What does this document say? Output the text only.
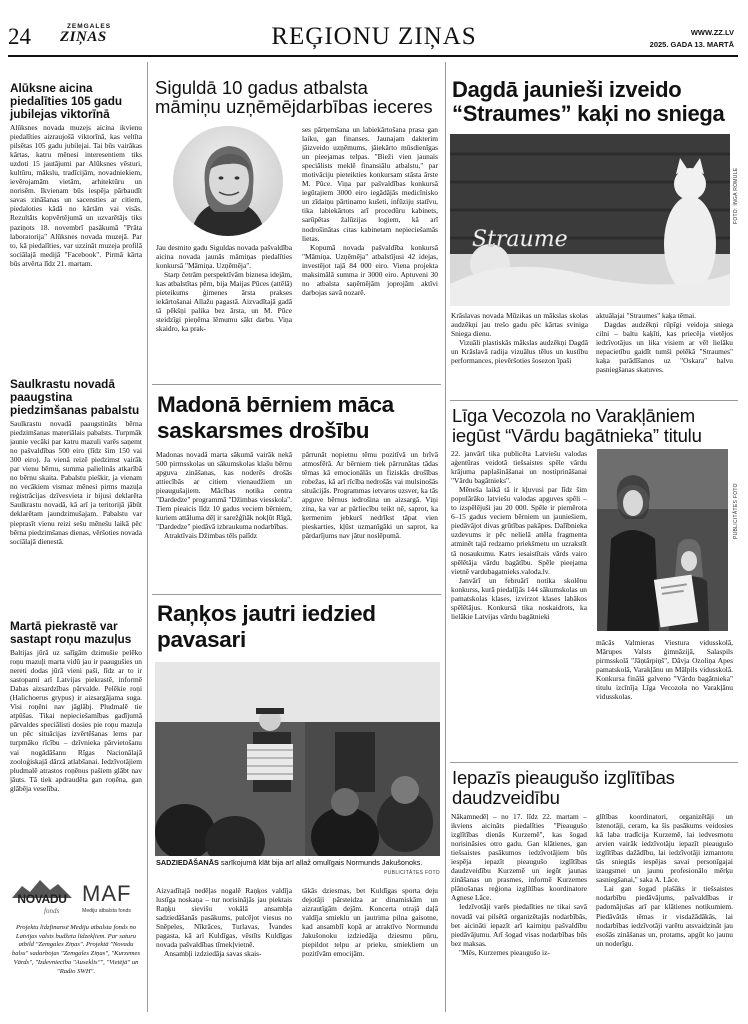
24	ZEMGALES
ZIŅAS	REĢIONU ZIŅAS	WWW.ZZ.LV
2025. GADA 13. MARTĀ
Alūksne aicina piedalīties 105 gadu jubilejas viktorīnā

Alūksnes novada muzejs aicina ikvienu piedalīties aizraujošā viktorīnā, kas veltīta pilsētas 105 gadu jubilejai. Tai būs vairākas kārtas, katru mēnesi interesentiem tiks uzdoti 15 jautājumi par Alūksnes vēsturi, kultūru, mākslu, tradīcijām, novadniekiem, ievērojamām vietām, arhitektūru un norisēm. Ikvienam būs iespēja pārbaudīt savas zināšanas un sacensties ar citiem, piedaloties kādā no kārtām vai visās. Rezultāts kopvērtējumā un uzvarētājs tiks paziņots 18. novembrī pasākumā "Prāta laboratorija" Alūksnes novada muzejā. Par to, kā piedalīties, var uzzināt muzeja profilā sociālajā medijā "Facebook". Pirmā kārta būs atvērta līdz 21. martam.

Saulkrastu novadā paaugstina piedzimšanas pabalstu

Saulkrastu novadā paaugstināts bērna piedzimšanas materiālais pabalsts. Turpmāk jaunie vecāki par katru mazuli varēs saņemt no pašvaldības 500 eiro (līdz šim 150 vai 300 eiro). Ja vienā reizē piedzimst vairāk par vienu bērnu, summa palielinās atkarībā no bērnu skaita. Pabalstu pieškir, ja vienam no vecākiem vismaz mēnesi pirms mazuļa reģistrācijas dzīvesvieta ir bijusi deklarēta Saulkrastu novadā, kā arī ja teritorijā jābūt deklarētam jaundzimušajam. Pabalstu var pieprasīt vienu reizi sešu mēnešu laikā pēc bērna piedzimšanas dienas, vēršoties novada sociālajā dienestā.

Martā piekrastē var sastapt roņu mazuļus

Baltijas jūrā uz salīgām dzimušie pelēko roņu mazuļi marta vidū jau ir paaugušies un nereti dodas jūrā vieni paši, līdz ar to ir sastopami arī Latvijas piekrastē, informē Dabas aizsardzības pārvalde. Pelēkie roņi (Halichoerus grypus) ir aizsargājama suga. Visi roņēni nav jāglābj. Pludmalē tie atpūšas. Tikai nepieciešamības gadījumā pārvaldes speciālisti dosies pie roņu mazuļa un pēc situācijas izvērtēšanas lems par turpmāko rīcību – dzīvnieka pārvietošanu vai nogādāšanu Rīgas Nacionālajā zooloģiskajā dārzā atlabšanai. Iedzīvotājiem pludmalē atrastos roņēnus pašiem glābt nav jāuts. Tā tiek apdraudēta gan roņēna, gan glābēja veselība.

NOVADU
fonds
MAF
Mediju atbalsta fonds
Projektu līdzfinansē Mediju atbalsta fonds no Latvijas valsts budžeta līdzekļiem. Par saturu atbild "Zemgales Ziņas". Projektā "Novadu balss" sadarbojas "Zemgales Ziņas", "Kurzemes Vārds", "Izdevniecība "Auseklis"", "Vietējā" un "Radio SWH".
Siguldā 10 gadus atbalsta
māmiņu uzņēmējdarbības ieceres

Jau desmito gadu Siguldas novada pašvaldība aicina novada jaunās māmiņas piedalīties konkursā "Māmiņa. Uzņēmēja".

Starp četrām perspektīvām biznesa idejām, kas atbalstītas pērn, bija Maijas Pūces (attēlā) pieteikums ģimenes ārsta prakses iekārtošanai Allažu pagastā. Aizvadītajā gadā tā pēkšņi palika bez ārsta, un M. Pūce steidzīgi pieņēma lēmumu sākt darbu. Viņa skaidro, ka prak-

ses pārņemšana un labiekārtošana prasa gan laiku, gan finanses. Jaunajam dakterim jāizveido uzņēmums, jāiekārto mūsdienīgas un pieejamas telpas. "Bieži vien jaunais speciālists meklē finansiālu atbalstu," par motivāciju pieteikties konkursam stāsta ārste M. Pūce. Viņa par pašvaldības konkursā iegūtajiem 3000 eiro iegādājās medicīnisko un zīdaiņu pārtinamo kušeti, infūziju statīvu, tika labiekārtots arī procedūru kabinets, sarūpētas žalūzijas logiem, kā arī nodrošinātas citas kabinetam nepieciešamās lietas.

Kopumā novada pašvaldība konkursā "Māmiņa. Uzņēmēja" atbalstījusi 42 idejas, investējot tajā 84 000 eiro. Viena projekta maksimālā summa ir 3000 eiro. Aptuveni 30 no atbalsta saņēmējām joprojām aktīvi darbojas savā nozarē.

Madonā bērniem māca
saskarsmes drošību

Madonas novadā marta sākumā vairāk nekā 500 pirmsskolas un sākumskolas klašu bērnu apguva zināšanas, kas noderēs drošās attiecībās ar citiem vienaudžiem un pieaugušajiem. Mācības notika centra "Dardedze" programmā "Džimbas viesskola". Tiem pieaicis līdz 10 gadus veciem bērniem, kuriem attāluma dēļ ir sarežģītāk nokļūt Rīgā, "Dardedze" piedāvā izbraukuma nodarbības.

Atraktīvais Džimbas tēls palīdz

pārrunāt nopietnu tēmu pozitīvā un brīvā atmosfērā. Ar bērniem tiek pārrunātas tādas tēmas kā emocionālās un fiziskās drošības robežas, kā arī rīcība nedrošās vai mulsinošās situācijās. Programmas ietvaros uzsver, ka tās apguve bērnus iedrošina un aizsargā. Viņi zina, ka var ar pārliecību teikt nē, saprot, ka ķermenim jebkurš nedrīkst tāpat vien pieskarties, kļūst uzmanīgāki un saprot, ka pārdarījums nav jātur noslēpumā.

Raņķos jautri iedzied
pavasari
SADZIEDĀŠANĀS sarīkojumā klāt bija arī allaž omulīgais Normunds Jakušonoks.
PUBLICITĀTES FOTO

Aizvadītajā nedēļas nogalē Raņķos valdīja lustīga noskaņa – tur norisinājās jau piektais Raņķu sievišu vokālā ansambļa sadziedāšanās pasākums, pulcējot viesus no Snēpeles, Nīkrāces, Turlavas, Īvandes pagasta, kā arī Kuldīgas, vēstīts Kuldīgas novada pašvaldības tīmekļvietnē.

Ansambļi izdziedāja savas skais-

tākās dziesmas, bet Kuldīgas sporta deju dejotāji pārsteidza ar dinamiskām un aizrautīgām dejām. Koncerta otrajā daļā valdīja smieklu un jautrima pilna gaisotne, kad ansamblī kopā ar atraktīvo Normundu Jakušonoku izdziedāja dziesmu pūru, piepildot telpu ar prieku, smiekliem un pozitīvām emocijām.

Dagdā jaunieši izveido
“Straumes” kaķi no sniega
Straume
FOTO: INGA ROMULE

Krāslavas novada Mūzikas un mākslas skolas audzēkņi jau trešo gadu pēc kārtas sviniga Sniega dienu.

Vizuāli plastiskās mākslas audzēkņi Dagdā un Krāslavā radija vizuālus tēlus un kustību performances, pievēršoties šosezon īpaši

aktuālajai "Straumes" kaķa tēmai.

Dagdas audzēkņi rūpīgi veidoja sniega cilni – baltu kaķīti, kas priecēja vietējos iedzīvotājus un lika visiem ar vēl lielāku nepacietību gaidīt tumši pelēkā "Straumes" kaķa parādīšanos uz "Oskara" balvu pasniegšanas skatuves.

Līga Vecozola no Varakļāniem
iegūst “Vārdu bagātnieka” titulu

22. janvārī tika publicēta Latviešu valodas aģentūras veidotā tiešsaistes spēle vārdu krājuma paplašināšanai un nostiprināšanai "Vārdu bagātnieks".

Mēneša laikā tā ir kļuvusi par līdz šim populārāko latviešu valodas apguves spēli – to izspēlējuši jau 20 000. Spēle ir piemērota 6–15 gadus veciem bērniem un jauniešiem, piedāvājot divas grūtības pakāpes. Dalībnieka uzdevums ir pēc nelielā attēla fragmenta atminēt tajā redzamo priekšmetu un uzrakstīt tā nosaukumu. Katrs iesaistītais vārds vairo spēlētāja vārdu bagātību. Spēle pieejama vietnē vardubagatnieks.valoda.lv.

Janvārī un februārī notika skolēnu konkurss, kurā piedalījās 144 sākumskolas un pamatskolas klases, izvirzot klases labākos spēlētājus. Konkursā tika noskaidrots, ka lielākie Latvijas vārdu bagātnieki

PUBLICITĀTES FOTO

mācās Valmieras Viestura vidusskolā, Mārupes Valsts ģimnāzijā, Salaspils pirmsskolā "Jāņtārpiņš", Dāvja Ozoliņa Apes pamatskolā, Varakļānu un Mālpils vidusskolā. Konkursa finālā galveno "Vārdu bagātnieka" titulu izcīnīja Līga Vecozola no Varakļānu vidusskolas.

Iepazīs pieaugušo izglītības
daudzveidību

Nākamnedēļ – no 17. līdz 22. martam – ikviens aicināts piedalīties "Pieaugušo izglītības dienās Kurzemē", kas šogad norisināsies otro gadu. Gan klātienes, gan tiešsaistes pasākumos iedzīvotājiem būs iespēja iepazīt pieaugušo izglītības daudzveidību Kurzemē un iegūt jaunas zināšanas un prasmes, informē Kurzemes plānošanas reģiona izglītības koordinatore Agnese Lāce.

Iedzīvotāji varēs piedalīties ne tikai savā novadā vai pilsētā organizētajās nodarbībās, bet aicināti iepazīt arī kaimiņu pašvaldību piedāvājumu. Arī šogad visas nodarbības būs bez maksas.

"Mēs, Kurzemes pieaugušo iz-

glītības koordinatori, organizētāji un īstenotāji, ceram, ka šis pasākums veidosies kā laba tradīcija Kurzemē, lai iedvesmotu arvien vairāk iedzīvotāju iepazīt pieaugušo izglītības dažādību, lai iedzīvotāji izmantotu tās sniegtās iespējas savai personīgajai izaugsmei un jaunu profesionālo mērķu sasniegšanai," saka A. Lāce.

Lai gan šogad plašāks ir tiešsaistes nodarbību piedāvājums, pašvaldības ir padomājušas arī par klātienes notikumiem. Piedāvātās tēmas ir visdažādākās, lai nodarbības iedzīvotāji varētu atsvaidzināt jau esošās zināšanas un, protams, apgūt ko jaunu un noderīgu.
